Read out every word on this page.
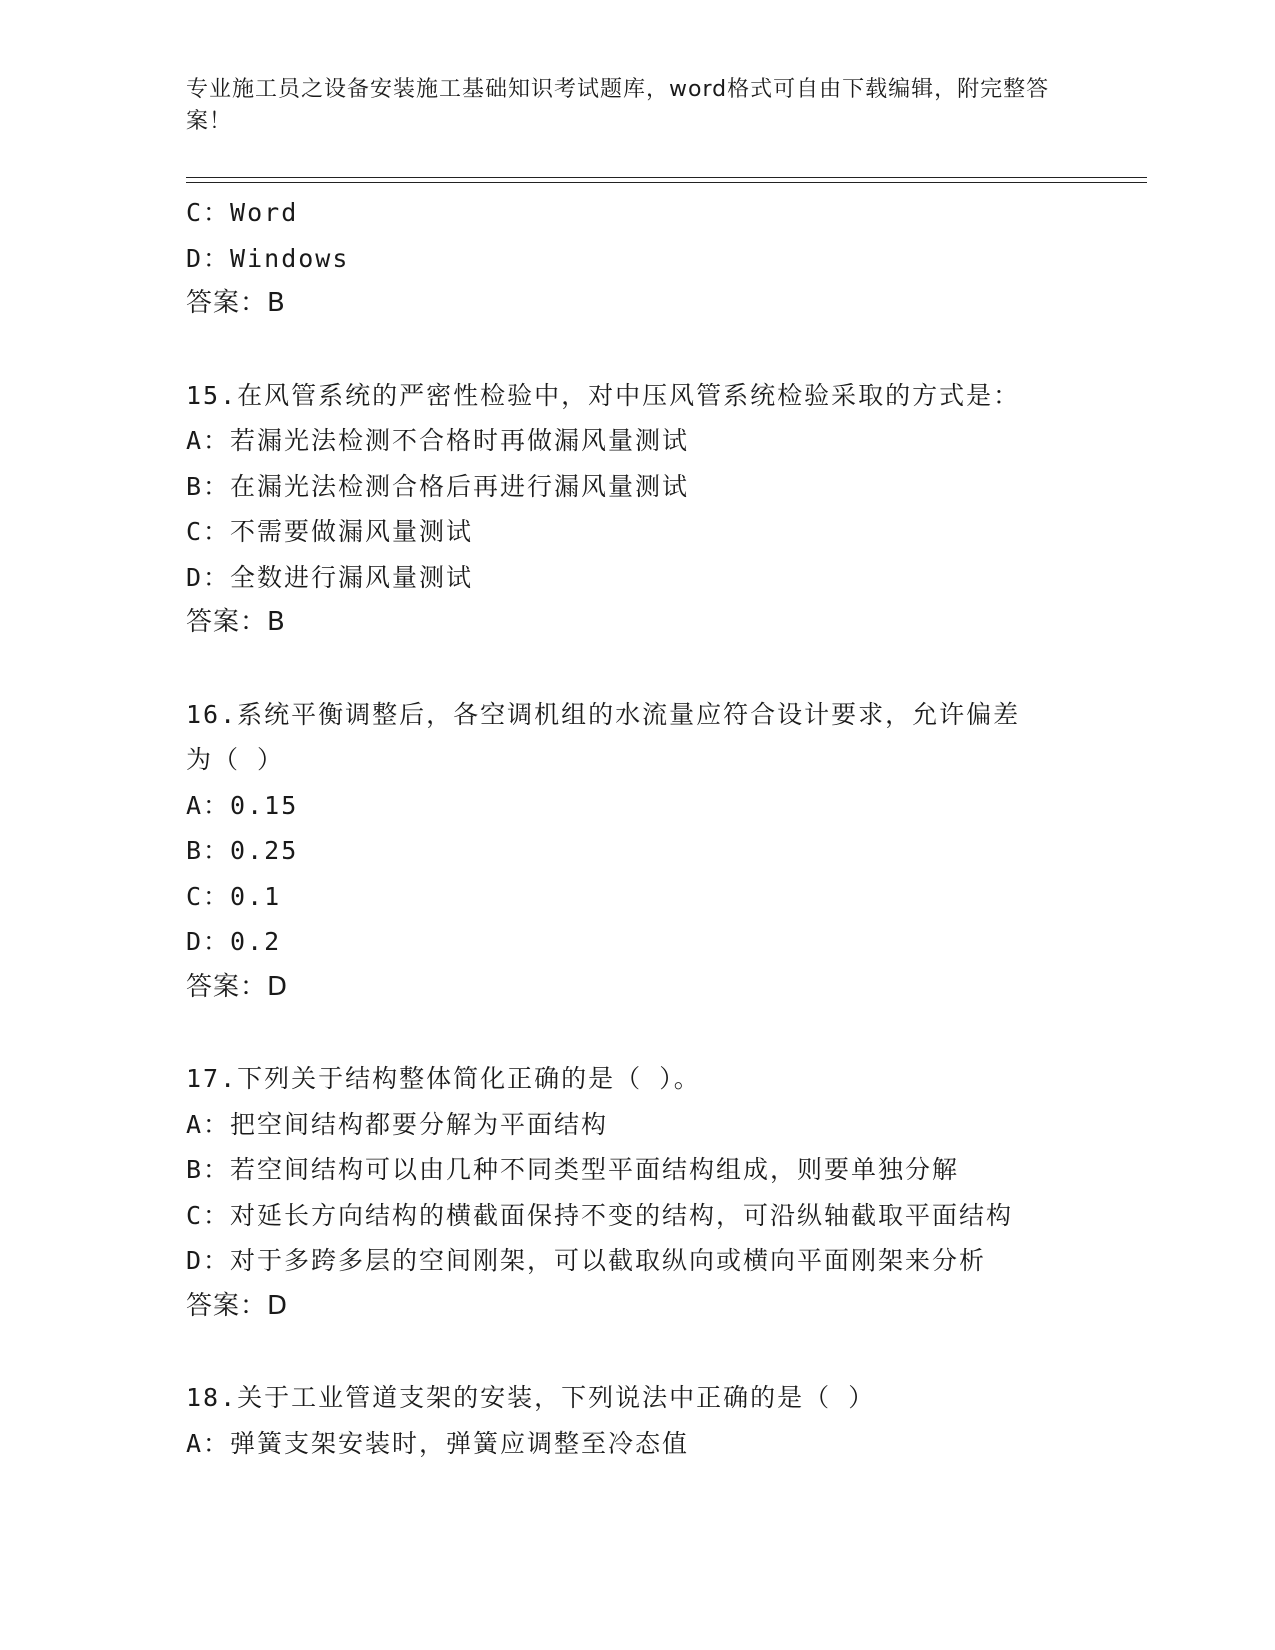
专业施工员之设备安装施工基础知识考试题库，word格式可自由下载编辑，附完整答案！
C：Word
D：Windows
答案：B
15.在风管系统的严密性检验中，对中压风管系统检验采取的方式是：
A：若漏光法检测不合格时再做漏风量测试
B：在漏光法检测合格后再进行漏风量测试
C：不需要做漏风量测试
D：全数进行漏风量测试
答案：B
16.系统平衡调整后，各空调机组的水流量应符合设计要求，允许偏差
为（ ）
A：0.15
B：0.25
C：0.1
D：0.2
答案：D
17.下列关于结构整体简化正确的是（ ）。
A：把空间结构都要分解为平面结构
B：若空间结构可以由几种不同类型平面结构组成，则要单独分解
C：对延长方向结构的横截面保持不变的结构，可沿纵轴截取平面结构
D：对于多跨多层的空间刚架，可以截取纵向或横向平面刚架来分析
答案：D
18.关于工业管道支架的安装，下列说法中正确的是（ ）
A：弹簧支架安装时，弹簧应调整至冷态值
